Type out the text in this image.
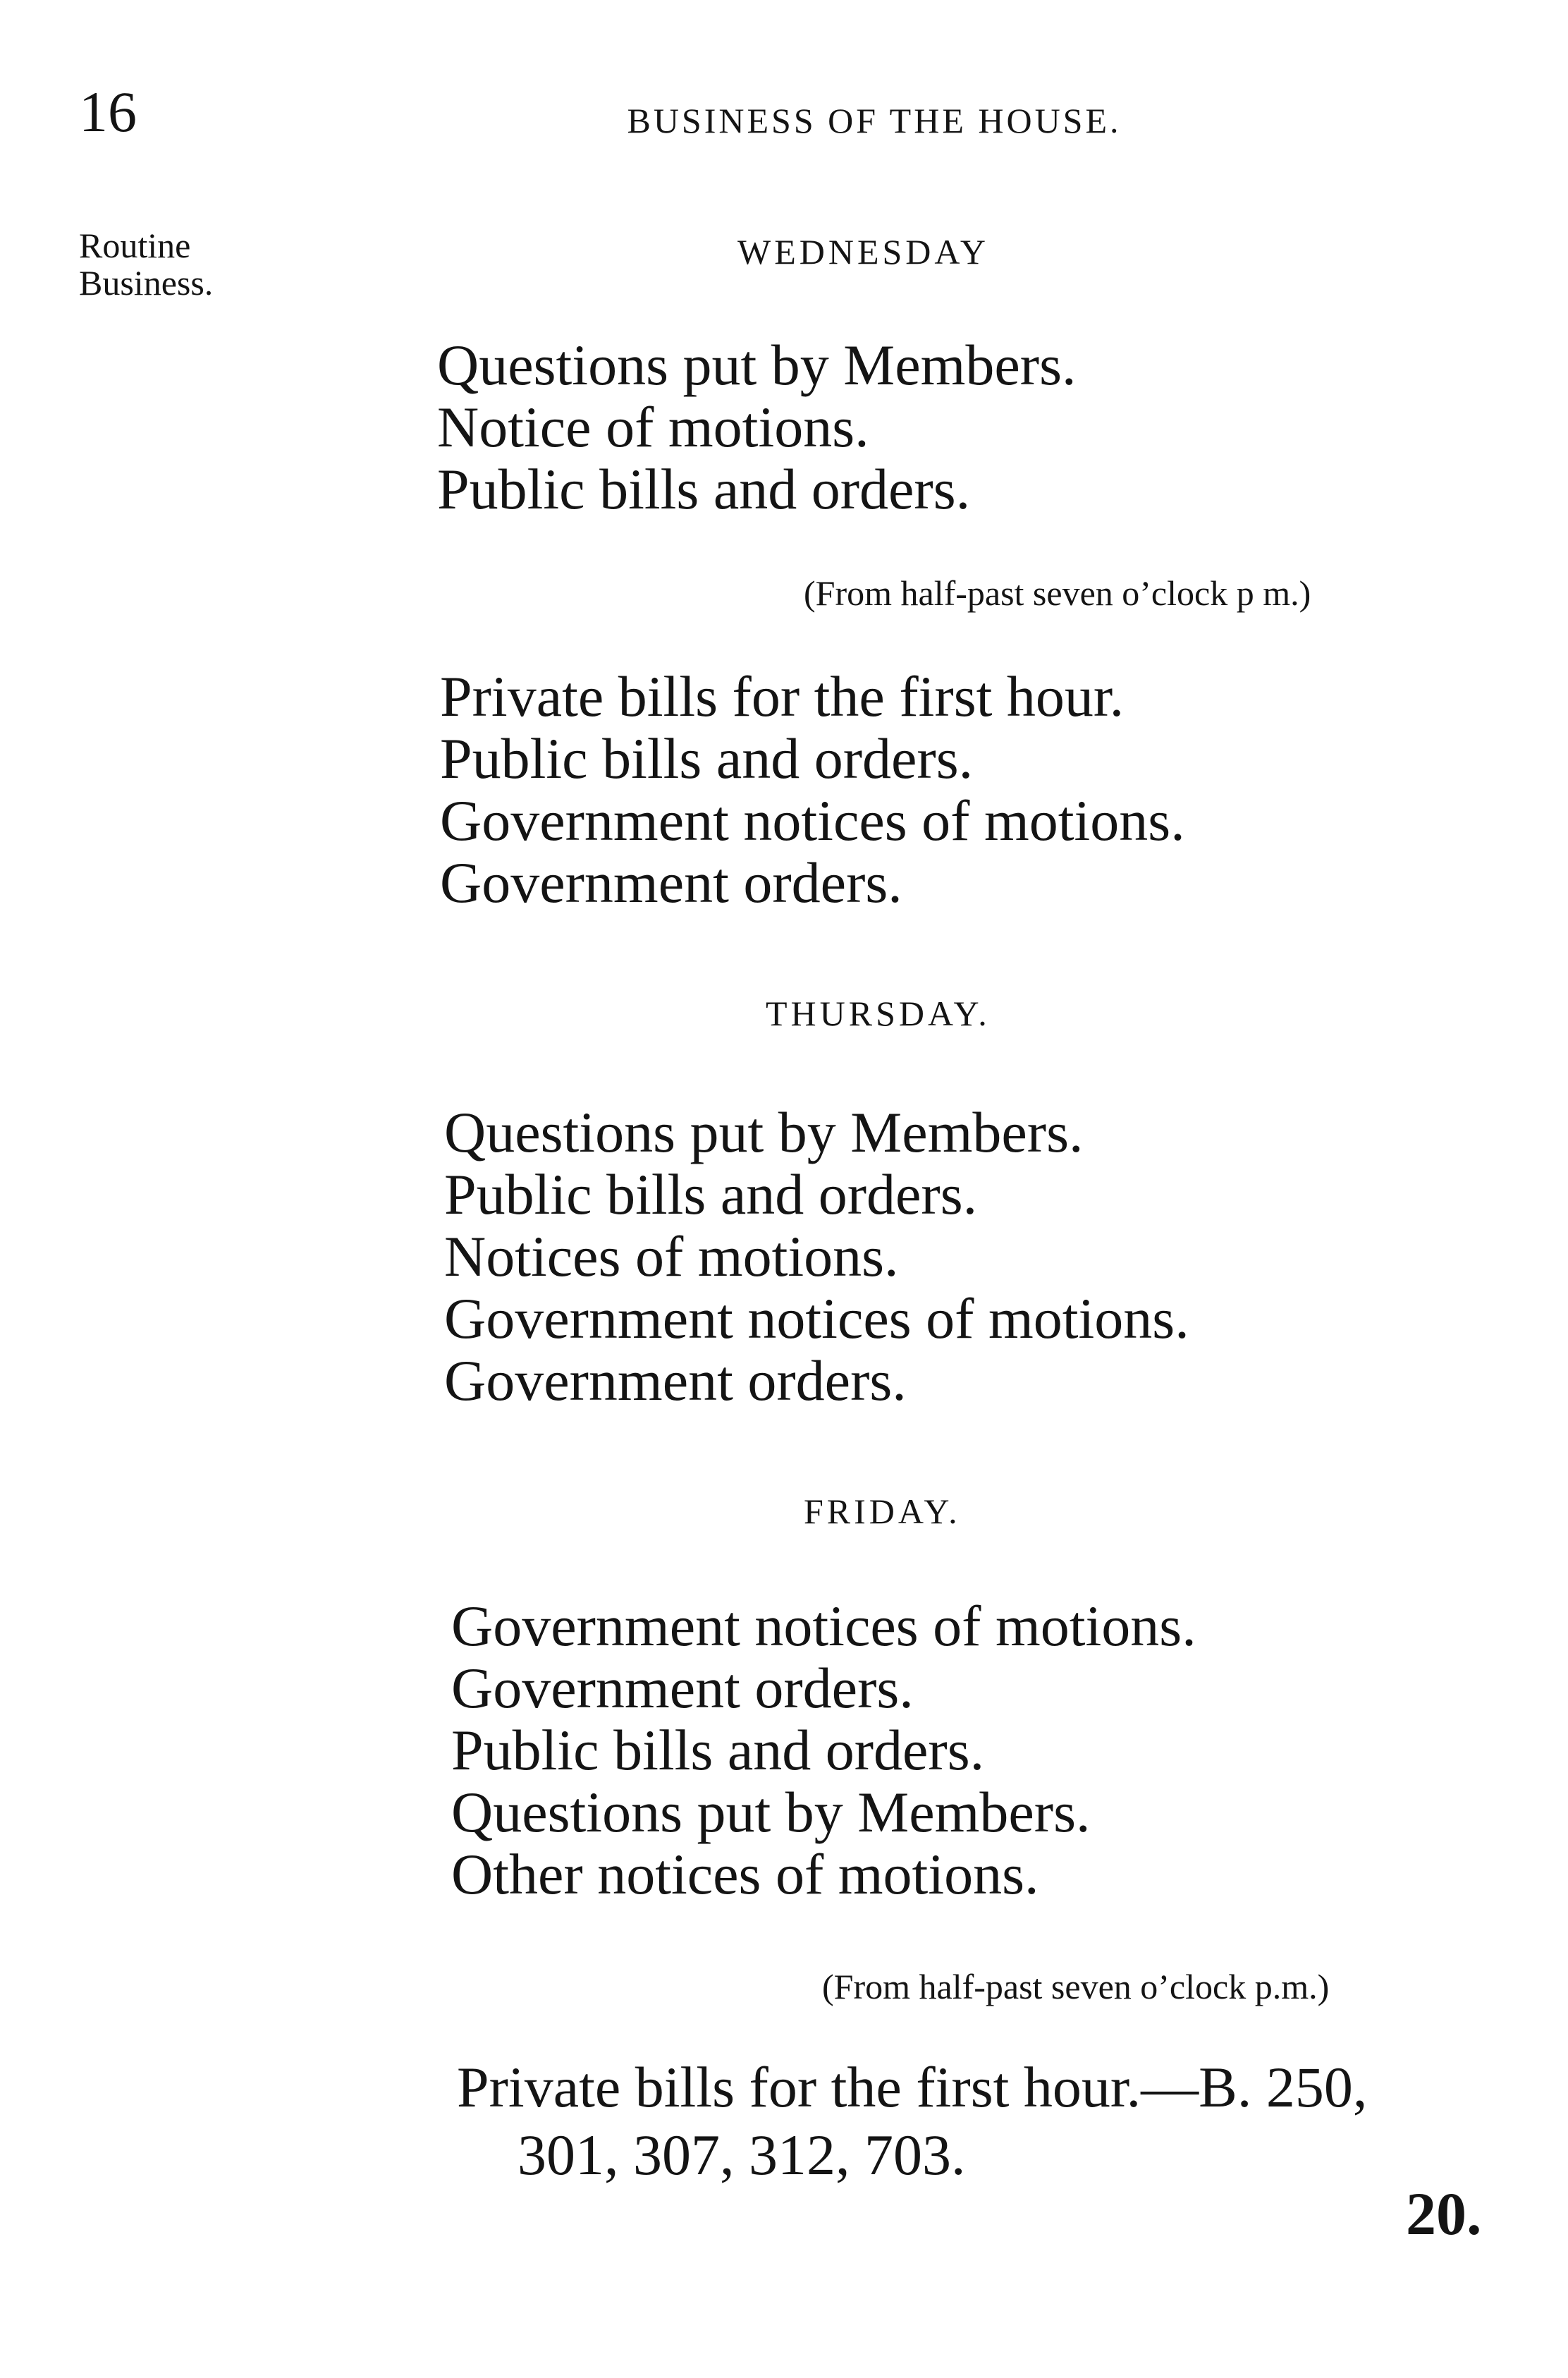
16	BUSINESS OF THE HOUSE.
Routine Business.
WEDNESDAY
Questions put by Members.
Notice of motions.
Public bills and orders.
(From half-past seven o’clock p m.)
Private bills for the first hour.
Public bills and orders.
Government notices of motions.
Government orders.
THURSDAY.
Questions put by Members.
Public bills and orders.
Notices of motions.
Government notices of motions.
Government orders.
FRIDAY.
Government notices of motions.
Government orders.
Public bills and orders.
Questions put by Members.
Other notices of motions.
(From half-past seven o’clock p.m.)
Private bills for the first hour.—B. 250,
301, 307, 312, 703.
20.
